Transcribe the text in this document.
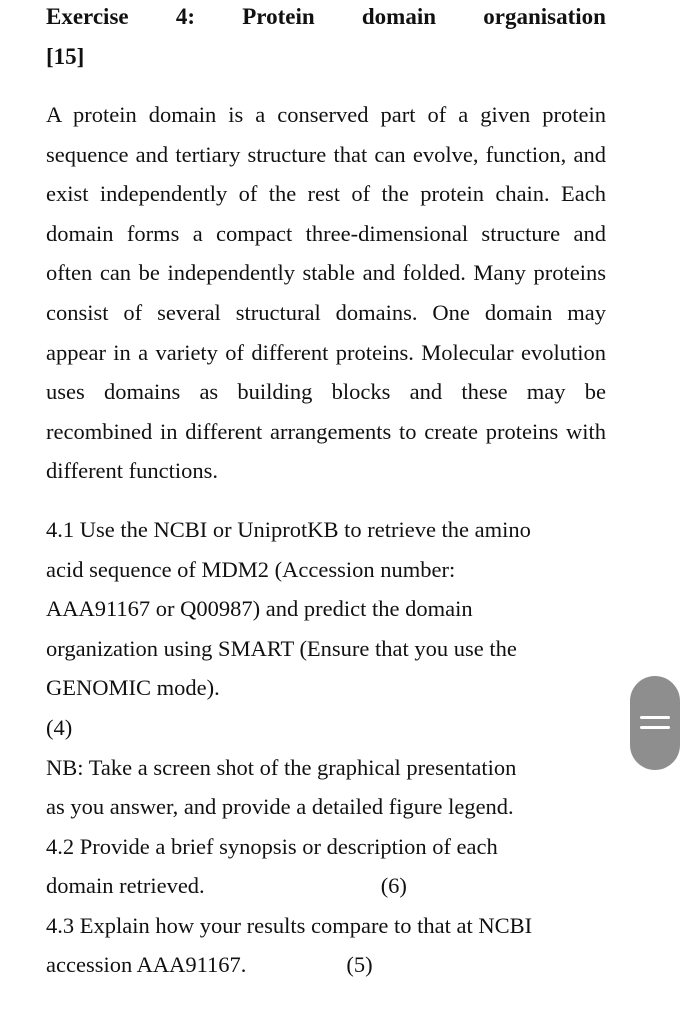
Exercise 4: Protein domain organisation
[15]
A protein domain is a conserved part of a given protein sequence and tertiary structure that can evolve, function, and exist independently of the rest of the protein chain. Each domain forms a compact three-dimensional structure and often can be independently stable and folded. Many proteins consist of several structural domains. One domain may appear in a variety of different proteins. Molecular evolution uses domains as building blocks and these may be recombined in different arrangements to create proteins with different functions.
4.1 Use the NCBI or UniprotKB to retrieve the amino
acid sequence of MDM2 (Accession number:
AAA91167 or Q00987) and predict the domain
organization using SMART (Ensure that you use the
GENOMIC mode).
(4)
NB: Take a screen shot of the graphical presentation
as you answer, and provide a detailed figure legend.
4.2 Provide a brief synopsis or description of each
domain retrieved.	(6)
4.3 Explain how your results compare to that at NCBI
accession AAA91167.	(5)
